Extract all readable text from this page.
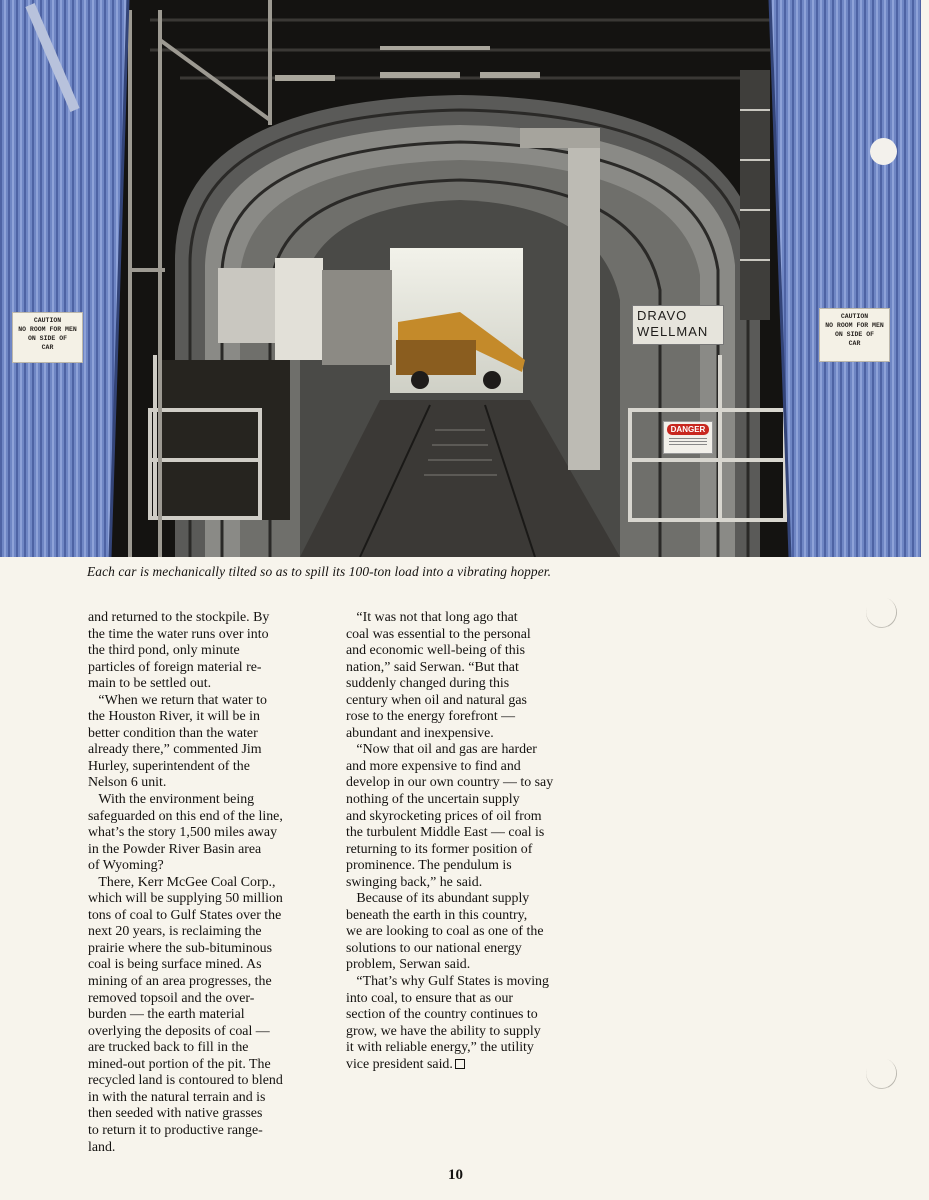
CAUTION
NO ROOM FOR MEN
ON SIDE OF
CAR
CAUTION
NO ROOM FOR MEN
ON SIDE OF
CAR
DRAVO
WELLMAN
DANGER
Each car is mechanically tilted so as to spill its 100-ton load into a vibrating hopper.
and returned to the stockpile. By
the time the water runs over into
the third pond, only minute
particles of foreign material re-
main to be settled out.
“When we return that water to
the Houston River, it will be in
better condition than the water
already there,” commented Jim
Hurley, superintendent of the
Nelson 6 unit.
With the environment being
safeguarded on this end of the line,
what’s the story 1,500 miles away
in the Powder River Basin area
of Wyoming?
There, Kerr McGee Coal Corp.,
which will be supplying 50 million
tons of coal to Gulf States over the
next 20 years, is reclaiming the
prairie where the sub-bituminous
coal is being surface mined. As
mining of an area progresses, the
removed topsoil and the over-
burden — the earth material
overlying the deposits of coal —
are trucked back to fill in the
mined-out portion of the pit. The
recycled land is contoured to blend
in with the natural terrain and is
then seeded with native grasses
to return it to productive range-
land.
“It was not that long ago that
coal was essential to the personal
and economic well-being of this
nation,” said Serwan. “But that
suddenly changed during this
century when oil and natural gas
rose to the energy forefront —
abundant and inexpensive.
“Now that oil and gas are harder
and more expensive to find and
develop in our own country — to say
nothing of the uncertain supply
and skyrocketing prices of oil from
the turbulent Middle East — coal is
returning to its former position of
prominence. The pendulum is
swinging back,” he said.
Because of its abundant supply
beneath the earth in this country,
we are looking to coal as one of the
solutions to our national energy
problem, Serwan said.
“That’s why Gulf States is moving
into coal, to ensure that as our
section of the country continues to
grow, we have the ability to supply
it with reliable energy,” the utility
vice president said.
10
